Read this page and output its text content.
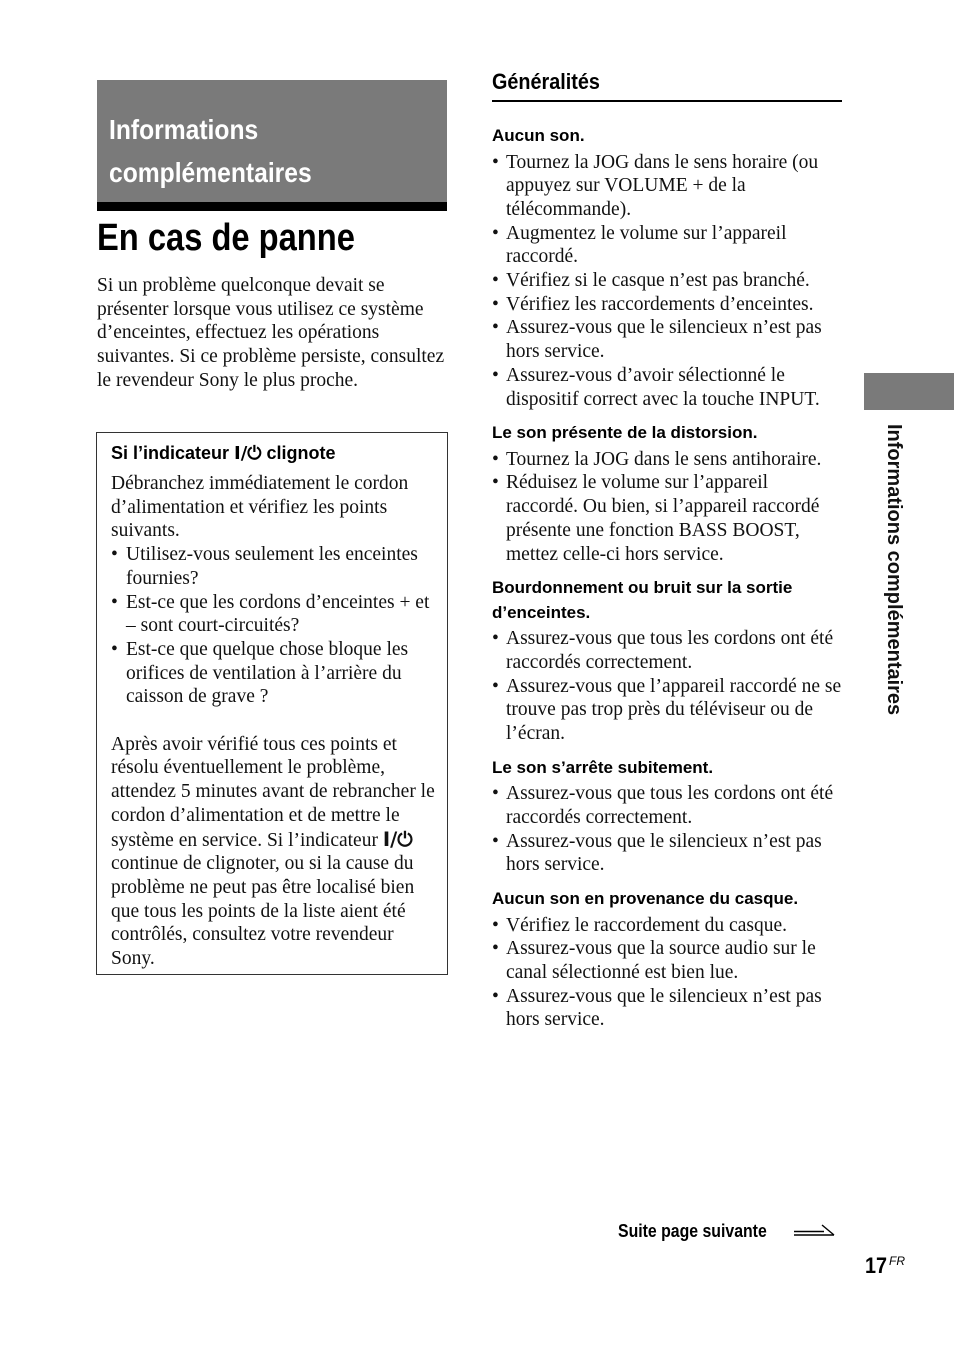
Informations
complémentaires
En cas de panne

Si un problème quelconque devait se présenter lorsque vous utilisez ce système d’enceintes, effectuez les opérations suivantes. Si ce problème persiste, consultez le revendeur Sony le plus proche.

Si l’indicateur I/⏻ clignote

Débranchez immédiatement le cordon d’alimentation et vérifiez les points suivants.

• Utilisez-vous seulement les enceintes fournies?
• Est-ce que les cordons d’enceintes + et – sont court-circuités?
• Est-ce que quelque chose bloque les orifices de ventilation à l’arrière du caisson de grave ?

Après avoir vérifié tous ces points et résolu éventuellement le problème, attendez 5 minutes avant de rebrancher le cordon d’alimentation et de mettre le système en service. Si l’indicateur I/⏻ continue de clignoter, ou si la cause du problème ne peut pas être localisé bien que tous les points de la liste aient été contrôlés, consultez votre revendeur Sony.

Généralités
Aucun son.
• Tournez la JOG dans le sens horaire (ou appuyez sur VOLUME + de la télécommande).
• Augmentez le volume sur l’appareil raccordé.
• Vérifiez si le casque n’est pas branché.
• Vérifiez les raccordements d’enceintes.
• Assurez-vous que le silencieux n’est pas hors service.
• Assurez-vous d’avoir sélectionné le dispositif correct avec la touche INPUT.
Le son présente de la distorsion.
• Tournez la JOG dans le sens antihoraire.
• Réduisez le volume sur l’appareil raccordé. Ou bien, si l’appareil raccordé présente une fonction BASS BOOST, mettez celle-ci hors service.
Bourdonnement ou bruit sur la sortie d’enceintes.
• Assurez-vous que tous les cordons ont été raccordés correctement.
• Assurez-vous que l’appareil raccordé ne se trouve pas trop près du téléviseur ou de l’écran.
Le son s’arrête subitement.
• Assurez-vous que tous les cordons ont été raccordés correctement.
• Assurez-vous que le silencieux n’est pas hors service.
Aucun son en provenance du casque.
• Vérifiez le raccordement du casque.
• Assurez-vous que la source audio sur le canal sélectionné est bien lue.
• Assurez-vous que le silencieux n’est pas hors service.
Informations complémentaires
Suite page suivante
17 FR
